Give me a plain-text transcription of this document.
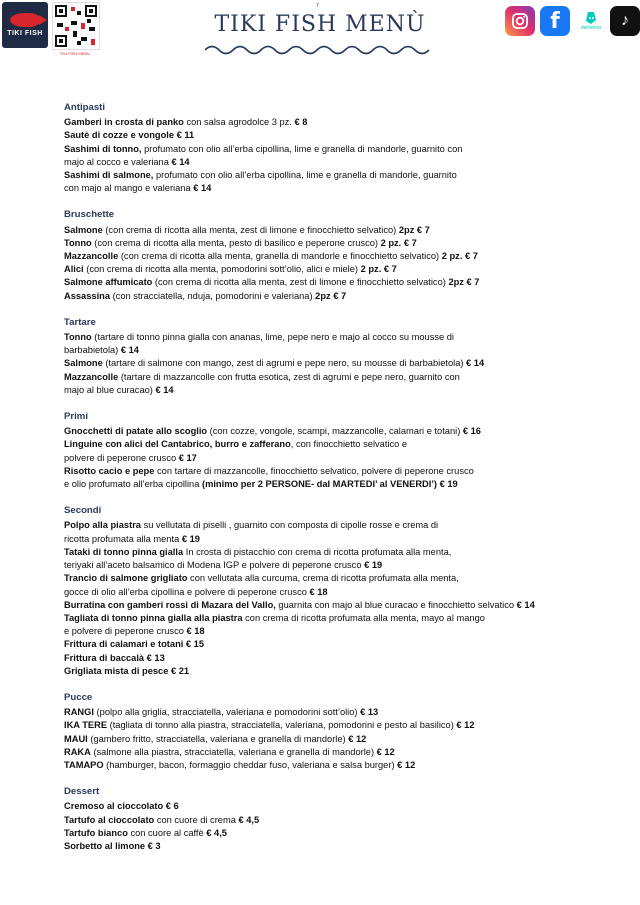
TIKI FISH
TIKI FISH MENU
7
TIKI FISH MENÙ	f	deliveroo	♪
Antipasti
Gamberi in crosta di panko con salsa agrodolce 3 pz. € 8
Sautè di cozze e vongole € 11
Sashimi di tonno, profumato con olio all’erba cipollina, lime e granella di mandorle, guarnito con
majo al cocco e valeriana € 14
Sashimi di salmone, profumato con olio all’erba cipollina, lime e granella di mandorle, guarnito
con majo al mango e valeriana € 14
Bruschette
Salmone (con crema di ricotta alla menta, zest di limone e finocchietto selvatico) 2pz € 7
Tonno (con crema di ricotta alla menta, pesto di basilico e peperone crusco) 2 pz. € 7
Mazzancolle (con crema di ricotta alla menta, granella di mandorle e finocchietto selvatico) 2 pz. € 7
Alici (con crema di ricotta alla menta, pomodorini sott’olio, alici e miele) 2 pz. € 7
Salmone affumicato (con crema di ricotta alla menta, zest di limone e finocchietto selvatico) 2pz € 7
Assassina (con stracciatella, nduja, pomodorini e valeriana) 2pz € 7
Tartare
Tonno (tartare di tonno pinna gialla con ananas, lime, pepe nero e majo al cocco su mousse di
barbabietola) € 14
Salmone (tartare di salmone con mango, zest di agrumi e pepe nero, su mousse di barbabietola) € 14
Mazzancolle (tartare di mazzancolle con frutta esotica, zest di agrumi e pepe nero, guarnito con
majo al blue curacao) € 14
Primi
Gnocchetti di patate allo scoglio (con cozze, vongole, scampi, mazzancolle, calamari e totani) € 16
Linguine con alici del Cantabrico, burro e zafferano, con finocchietto selvatico e
polvere di peperone crusco € 17
Risotto cacio e pepe con tartare di mazzancolle, finocchietto selvatico, polvere di peperone crusco
e olio profumato all’erba cipollina (minimo per 2 PERSONE- dal MARTEDI’ al VENERDI’) € 19
Secondi
Polpo alla piastra su vellutata di piselli , guarnito con composta di cipolle rosse e crema di
ricotta profumata alla menta € 19
Tataki di tonno pinna gialla In crosta di pistacchio con crema di ricotta profumata alla menta,
teriyaki all’aceto balsamico di Modena IGP e polvere di peperone crusco € 19
Trancio di salmone grigliato con vellutata alla curcuma, crema di ricotta profumata alla menta,
gocce di olio all’erba cipollina e polvere di peperone crusco € 18
Burratina con gamberi rossi di Mazara del Vallo, guarnita con majo al blue curacao e finocchietto selvatico € 14
Tagliata di tonno pinna gialla alla piastra con crema di ricotta profumata alla menta, mayo al mango
e polvere di peperone crusco € 18
Frittura di calamari e totani € 15
Frittura di baccalà € 13
Grigliata mista di pesce € 21
Pucce
RANGI (polpo alla griglia, stracciatella, valeriana e pomodorini sott’olio) € 13
IKA TERE (tagliata di tonno alla piastra, stracciatella, valeriana, pomodorini e pesto al basilico) € 12
MAUI (gambero fritto, stracciatella, valeriana e granella di mandorle) € 12
RAKA (salmone alla piastra, stracciatella, valeriana e granella di mandorle) € 12
TAMAPO (hamburger, bacon, formaggio cheddar fuso, valeriana e salsa burger) € 12
Dessert
Cremoso al cioccolato € 6
Tartufo al cioccolato con cuore di crema € 4,5
Tartufo bianco con cuore al caffè € 4,5
Sorbetto al limone € 3
